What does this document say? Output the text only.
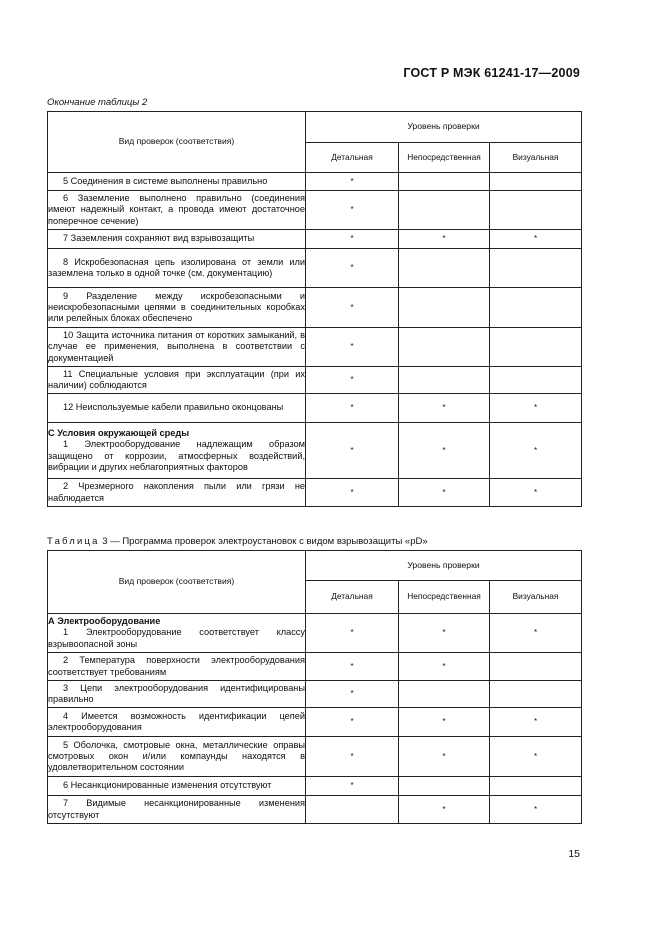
ГОСТ Р МЭК 61241-17—2009
Окончание таблицы 2
Вид проверок (соответствия)	Уровень проверки		
	Детальная	Непосредственная	Визуальная
5 Соединения в системе выполнены правильно	*		
6 Заземление выполнено правильно (соединения имеют надежный контакт, а провода имеют достаточное поперечное сечение)	*		
7 Заземления сохраняют вид взрывозащиты	*	*	*
8 Искробезопасная цепь изолирована от земли или заземлена только в одной точке (см. документацию)	*		
9 Разделение между искробезопасными и неискробезопасными цепями в соединительных коробках или релейных блоках обеспечено	*		
10 Защита источника питания от коротких замыканий, в случае ее применения, выполнена в соответствии с документацией	*		
11 Специальные условия при эксплуатации (при их наличии) соблюдаются	*		
12 Неиспользуемые кабели правильно оконцованы	*	*	*
С Условия окружающей среды
1 Электрооборудование надлежащим образом защищено от коррозии, атмосферных воздействий, вибрации и других неблагоприятных факторов	*	*	*
2 Чрезмерного накопления пыли или грязи не наблюдается	*	*	*
Таблица 3 — Программа проверок электроустановок с видом взрывозащиты «pD»
Вид проверок (соответствия)	Уровень проверки		
	Детальная	Непосредственная	Визуальная
А Электрооборудование
1 Электрооборудование соответствует классу взрывоопасной зоны	*	*	*
2 Температура поверхности электрооборудования соответствует требованиям	*	*	
3 Цепи электрооборудования идентифицированы правильно	*		
4 Имеется возможность идентификации цепей электрооборудования	*	*	*
5 Оболочка, смотровые окна, металлические оправы смотровых окон и/или компаунды находятся в удовлетворительном состоянии	*	*	*
6 Несанкционированные изменения отсутствуют	*		
7 Видимые несанкционированные изменения отсутствуют		*	*
15
